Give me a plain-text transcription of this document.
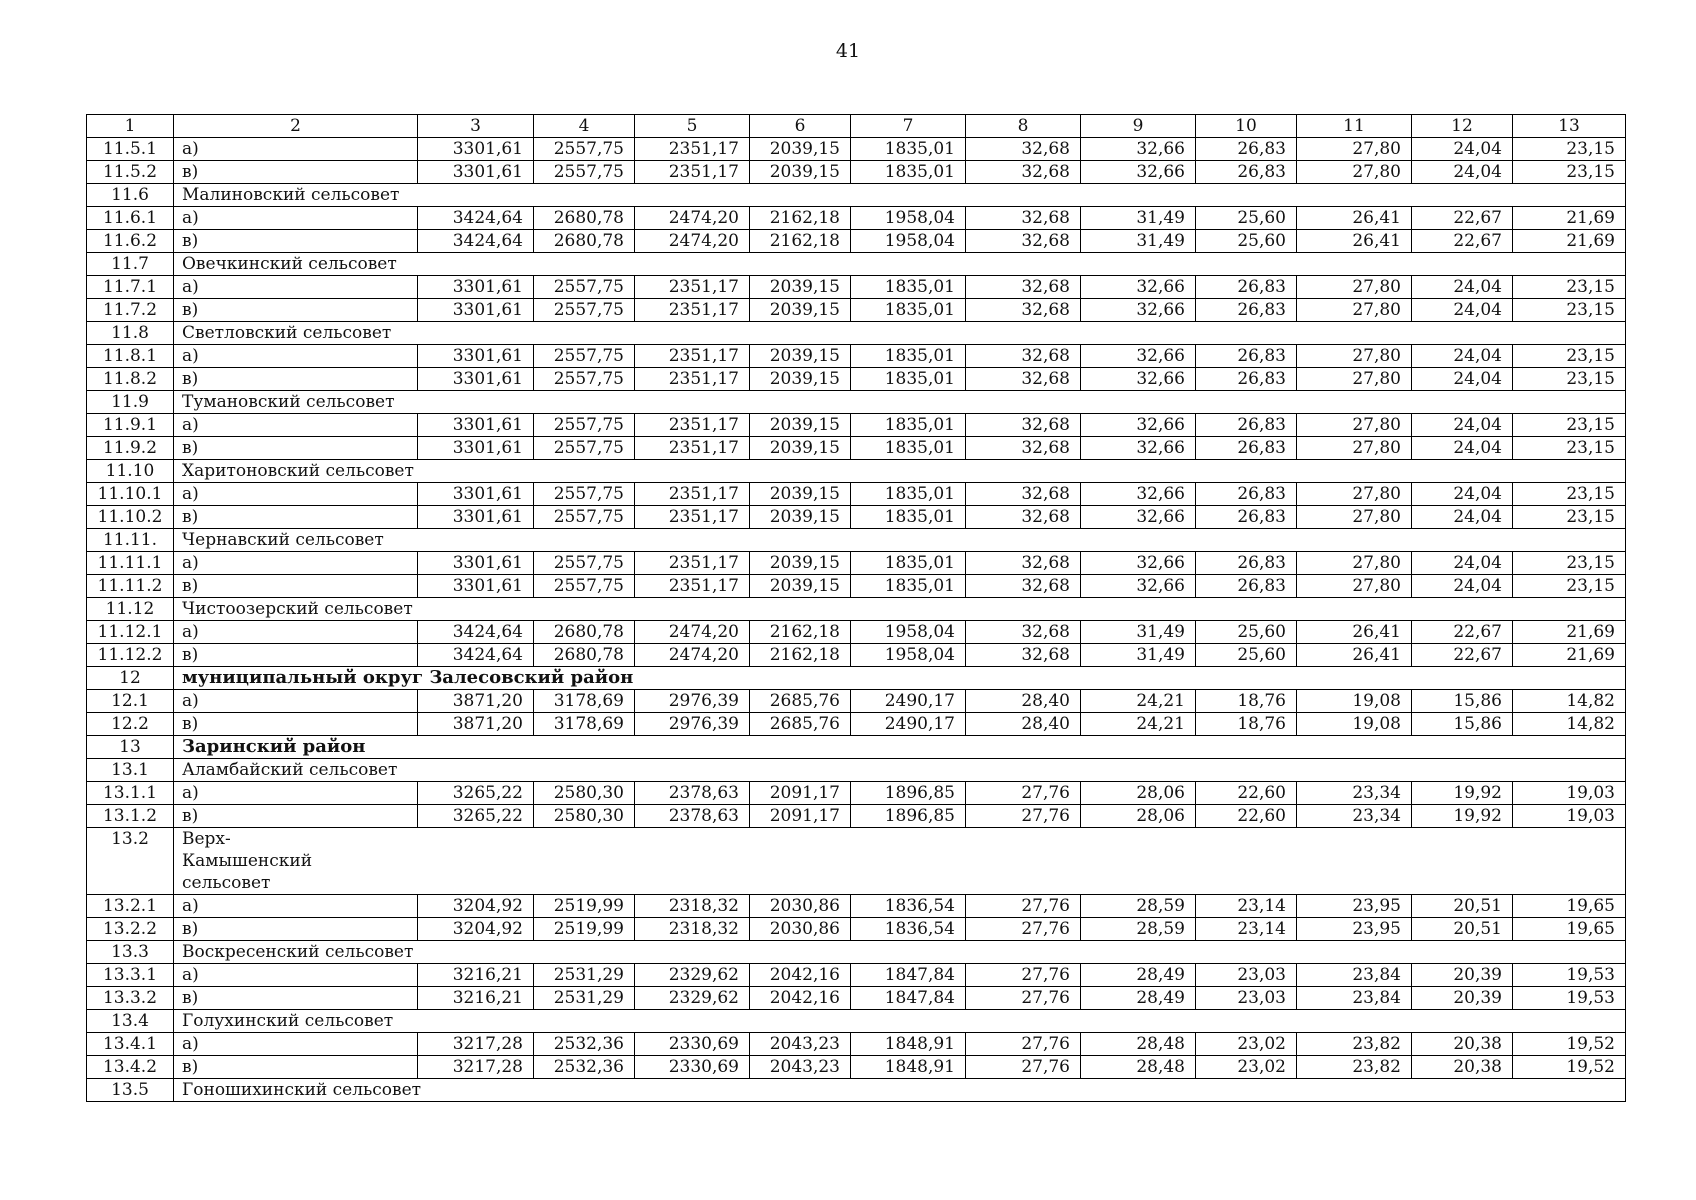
41
1	2	3	4	5	6	7	8	9	10	11	12	13
11.5.1	а)	3301,61	2557,75	2351,17	2039,15	1835,01	32,68	32,66	26,83	27,80	24,04	23,15
11.5.2	в)	3301,61	2557,75	2351,17	2039,15	1835,01	32,68	32,66	26,83	27,80	24,04	23,15
11.6	Малиновский сельсовет											
11.6.1	а)	3424,64	2680,78	2474,20	2162,18	1958,04	32,68	31,49	25,60	26,41	22,67	21,69
11.6.2	в)	3424,64	2680,78	2474,20	2162,18	1958,04	32,68	31,49	25,60	26,41	22,67	21,69
11.7	Овечкинский сельсовет											
11.7.1	а)	3301,61	2557,75	2351,17	2039,15	1835,01	32,68	32,66	26,83	27,80	24,04	23,15
11.7.2	в)	3301,61	2557,75	2351,17	2039,15	1835,01	32,68	32,66	26,83	27,80	24,04	23,15
11.8	Светловский сельсовет											
11.8.1	а)	3301,61	2557,75	2351,17	2039,15	1835,01	32,68	32,66	26,83	27,80	24,04	23,15
11.8.2	в)	3301,61	2557,75	2351,17	2039,15	1835,01	32,68	32,66	26,83	27,80	24,04	23,15
11.9	Тумановский сельсовет											
11.9.1	а)	3301,61	2557,75	2351,17	2039,15	1835,01	32,68	32,66	26,83	27,80	24,04	23,15
11.9.2	в)	3301,61	2557,75	2351,17	2039,15	1835,01	32,68	32,66	26,83	27,80	24,04	23,15
11.10	Харитоновский сельсовет											
11.10.1	а)	3301,61	2557,75	2351,17	2039,15	1835,01	32,68	32,66	26,83	27,80	24,04	23,15
11.10.2	в)	3301,61	2557,75	2351,17	2039,15	1835,01	32,68	32,66	26,83	27,80	24,04	23,15
11.11.	Чернавский сельсовет											
11.11.1	а)	3301,61	2557,75	2351,17	2039,15	1835,01	32,68	32,66	26,83	27,80	24,04	23,15
11.11.2	в)	3301,61	2557,75	2351,17	2039,15	1835,01	32,68	32,66	26,83	27,80	24,04	23,15
11.12	Чистоозерский сельсовет											
11.12.1	а)	3424,64	2680,78	2474,20	2162,18	1958,04	32,68	31,49	25,60	26,41	22,67	21,69
11.12.2	в)	3424,64	2680,78	2474,20	2162,18	1958,04	32,68	31,49	25,60	26,41	22,67	21,69
12	муниципальный округ Залесовский район											
12.1	а)	3871,20	3178,69	2976,39	2685,76	2490,17	28,40	24,21	18,76	19,08	15,86	14,82
12.2	в)	3871,20	3178,69	2976,39	2685,76	2490,17	28,40	24,21	18,76	19,08	15,86	14,82
13	Заринский район											
13.1	Аламбайский сельсовет											
13.1.1	а)	3265,22	2580,30	2378,63	2091,17	1896,85	27,76	28,06	22,60	23,34	19,92	19,03
13.1.2	в)	3265,22	2580,30	2378,63	2091,17	1896,85	27,76	28,06	22,60	23,34	19,92	19,03
13.2	Верх-Камышенский сельсовет											
13.2.1	а)	3204,92	2519,99	2318,32	2030,86	1836,54	27,76	28,59	23,14	23,95	20,51	19,65
13.2.2	в)	3204,92	2519,99	2318,32	2030,86	1836,54	27,76	28,59	23,14	23,95	20,51	19,65
13.3	Воскресенский сельсовет											
13.3.1	а)	3216,21	2531,29	2329,62	2042,16	1847,84	27,76	28,49	23,03	23,84	20,39	19,53
13.3.2	в)	3216,21	2531,29	2329,62	2042,16	1847,84	27,76	28,49	23,03	23,84	20,39	19,53
13.4	Голухинский сельсовет											
13.4.1	а)	3217,28	2532,36	2330,69	2043,23	1848,91	27,76	28,48	23,02	23,82	20,38	19,52
13.4.2	в)	3217,28	2532,36	2330,69	2043,23	1848,91	27,76	28,48	23,02	23,82	20,38	19,52
13.5	Гоношихинский сельсовет											
